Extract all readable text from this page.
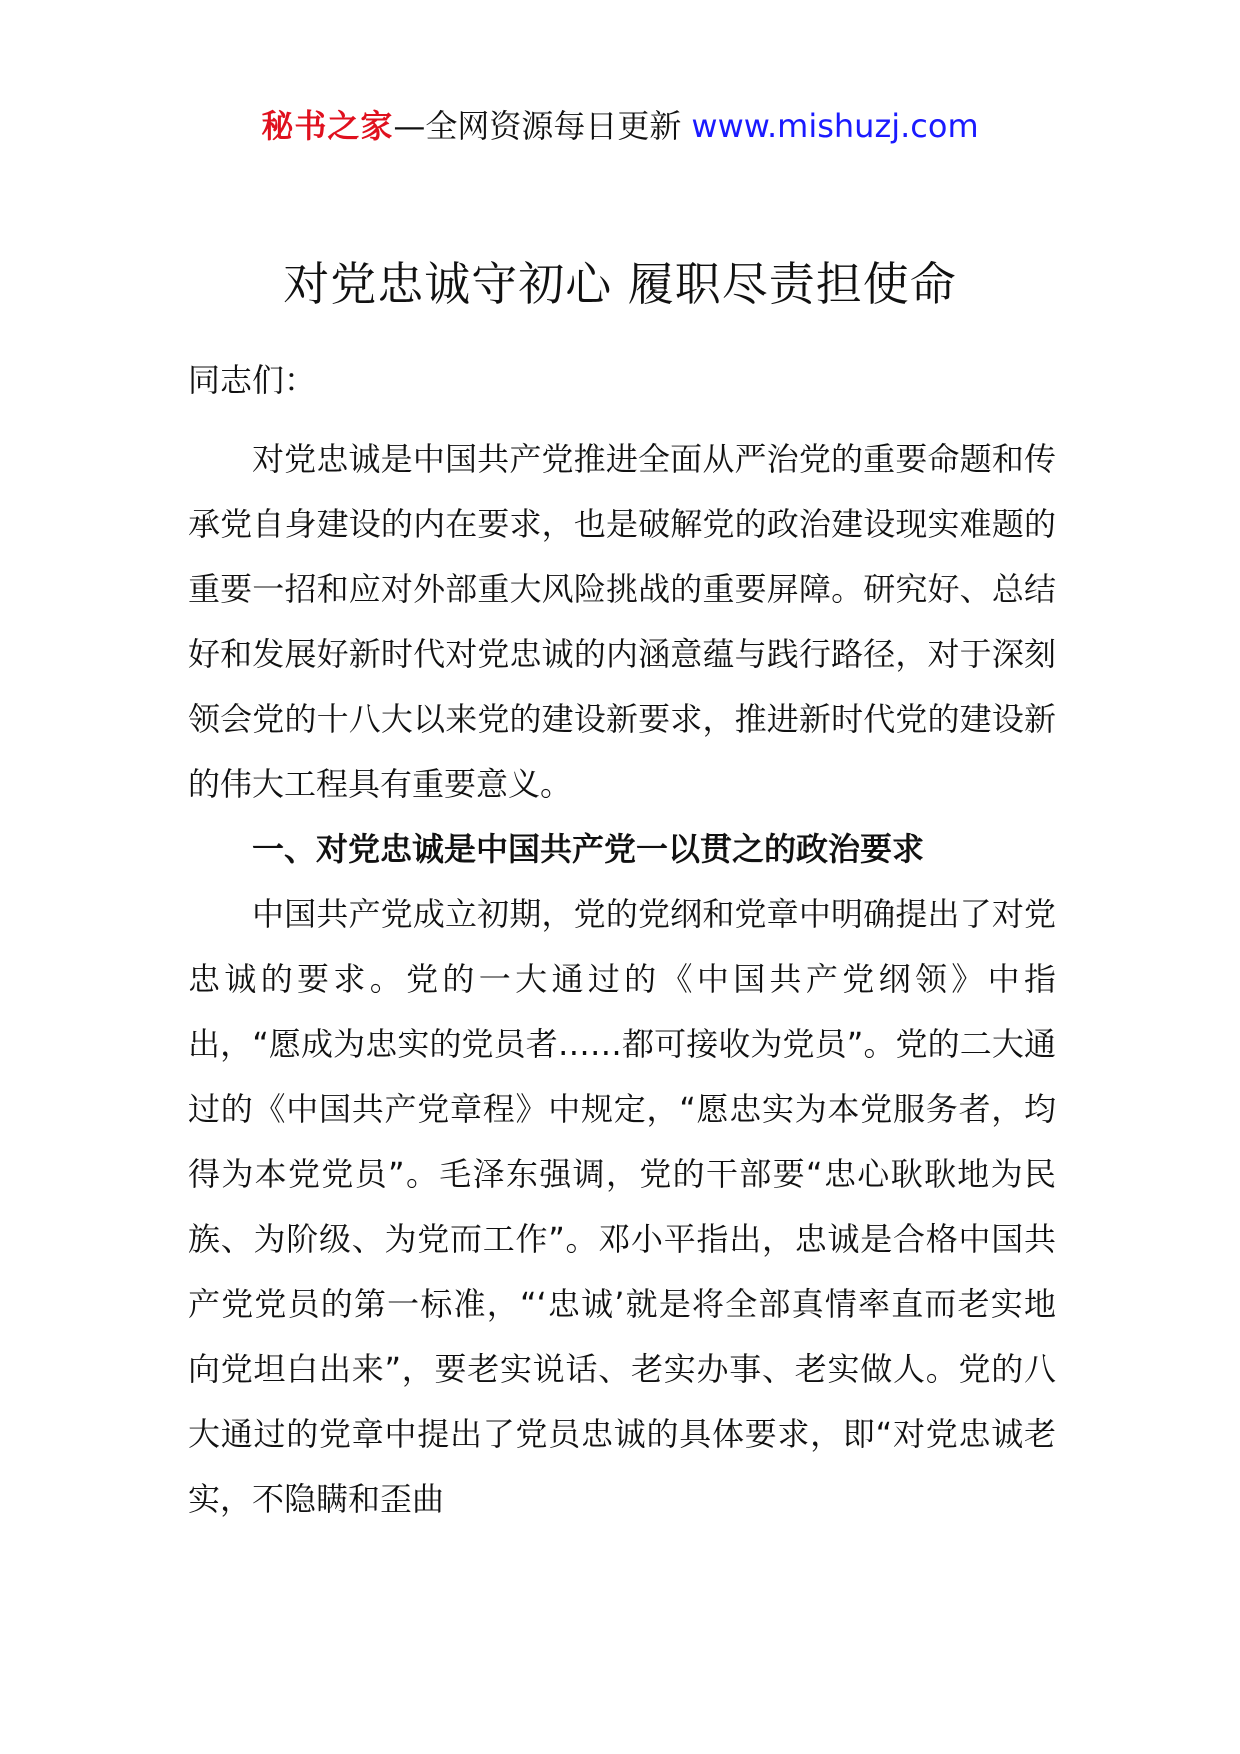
秘书之家—全网资源每日更新 www.mishuzj.com
对党忠诚守初心 履职尽责担使命

同志们：

对党忠诚是中国共产党推进全面从严治党的重要命题和传承党自身建设的内在要求，也是破解党的政治建设现实难题的重要一招和应对外部重大风险挑战的重要屏障。研究好、总结好和发展好新时代对党忠诚的内涵意蕴与践行路径，对于深刻领会党的十八大以来党的建设新要求，推进新时代党的建设新的伟大工程具有重要意义。

一、对党忠诚是中国共产党一以贯之的政治要求

中国共产党成立初期，党的党纲和党章中明确提出了对党忠诚的要求。党的一大通过的《中国共产党纲领》中指出，“愿成为忠实的党员者……都可接收为党员”。党的二大通过的《中国共产党章程》中规定，“愿忠实为本党服务者，均得为本党党员”。毛泽东强调，党的干部要“忠心耿耿地为民族、为阶级、为党而工作”。邓小平指出，忠诚是合格中国共产党党员的第一标准，“‘忠诚’就是将全部真情率直而老实地向党坦白出来”，要老实说话、老实办事、老实做人。党的八大通过的党章中提出了党员忠诚的具体要求，即“对党忠诚老实，不隐瞒和歪曲
